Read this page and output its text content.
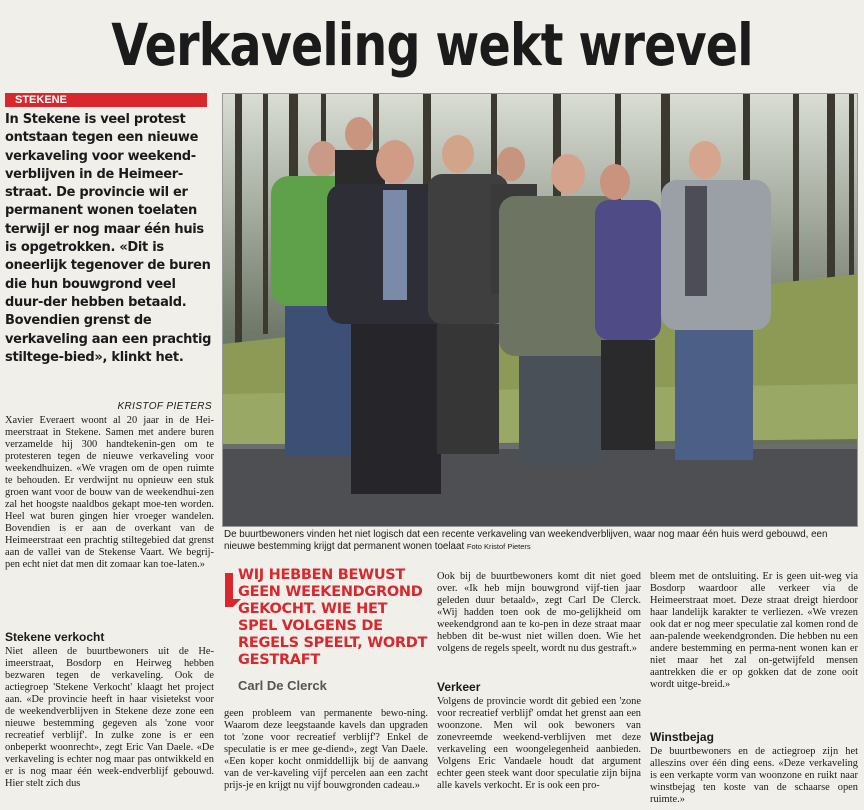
Verkaveling wekt wrevel
STEKENE

In Stekene is veel protest ontstaan tegen een nieuwe verkaveling voor weekend-verblijven in de Heimeer-straat. De provincie wil er permanent wonen toelaten terwijl er nog maar één huis is opgetrokken. «Dit is oneerlijk tegenover de buren die hun bouwgrond veel duur-der hebben betaald. Bovendien grenst de verkaveling aan een prachtig stiltege-bied», klinkt het.

KRISTOF PIETERS

Xavier Everaert woont al 20 jaar in de Hei-meerstraat in Stekene. Samen met andere buren verzamelde hij 300 handtekenin-gen om te protesteren tegen de nieuwe verkaveling voor weekendhuizen. «We vragen om de open ruimte te behouden. Er verdwijnt nu opnieuw een stuk groen want voor de bouw van de weekendhui-zen zal het hoogste naaldbos gekapt moe-ten worden. Heel wat buren gingen hier vroeger wandelen. Bovendien is er aan de overkant van de Heimeerstraat een prachtig stiltegebied dat grenst aan de vallei van de Stekense Vaart. We begrij-pen echt niet dat men dit zomaar kan toe-laten.»

Stekene verkocht

Niet alleen de buurtbewoners uit de He-imeerstraat, Bosdorp en Heirweg hebben bezwaren tegen de verkaveling. Ook de actiegroep 'Stekene Verkocht' klaagt het project aan. «De provincie heeft in haar visietekst voor de weekendverblijven in Stekene deze zone een nieuwe bestemming gegeven als 'zone voor recreatief verblijf'. In zulke zone is er een onbeperkt woonrecht», zegt Eric Van Daele. «De verkaveling is echter nog maar pas ontwikkeld en er is nog maar één week-endverblijf gebouwd. Hier stelt zich dus

De buurtbewoners vinden het niet logisch dat een recente verkaveling van weekendverblijven, waar nog maar één huis werd gebouwd, een nieuwe bestemming krijgt dat permanent wonen toelaat Foto Kristof Pieters

WIJ HEBBEN BEWUST GEEN WEEKENDGROND GEKOCHT. WIE HET SPEL VOLGENS DE REGELS SPEELT, WORDT GESTRAFT

Carl De Clerck

geen probleem van permanente bewo-ning. Waarom deze leegstaande kavels dan upgraden tot 'zone voor recreatief verblijf'? Enkel de speculatie is er mee ge-diend», zegt Van Daele. «Een koper kocht onmiddellijk bij de aanvang van de ver-kaveling vijf percelen aan een zacht prijs-je en krijgt nu vijf bouwgronden cadeau.»

Ook bij de buurtbewoners komt dit niet goed over. «Ik heb mijn bouwgrond vijf-tien jaar geleden duur betaald», zegt Carl De Clerck. «Wij hadden toen ook de mo-gelijkheid om weekendgrond aan te ko-pen in deze straat maar hebben dit be-wust niet willen doen. Wie het volgens de regels speelt, wordt nu dus gestraft.»

Verkeer

Volgens de provincie wordt dit gebied een 'zone voor recreatief verblijf' omdat het grenst aan een woonzone. Men wil ook bewoners van zonevreemde weekend-verblijven met deze verkaveling een woongelegenheid aanbieden. Volgens Eric Vandaele houdt dat argument echter geen steek want door speculatie zijn bijna alle kavels verkocht. Er is ook een pro-

bleem met de ontsluiting. Er is geen uit-weg via Bosdorp waardoor alle verkeer via de Heimeerstraat moet. Deze straat dreigt hierdoor haar landelijk karakter te verliezen. «We vrezen ook dat er nog meer speculatie zal komen rond de aan-palende weekendgronden. Die hebben nu een andere bestemming en perma-nent wonen kan er niet maar het zal on-getwijfeld mensen aantrekken die er op gokken dat de zone ooit wordt uitge-breid.»

Winstbejag

De buurtbewoners en de actiegroep zijn het alleszins over één ding eens. «Deze verkaveling is een verkapte vorm van woonzone en ruikt naar winstbejag ten koste van de schaarse open ruimte.»
